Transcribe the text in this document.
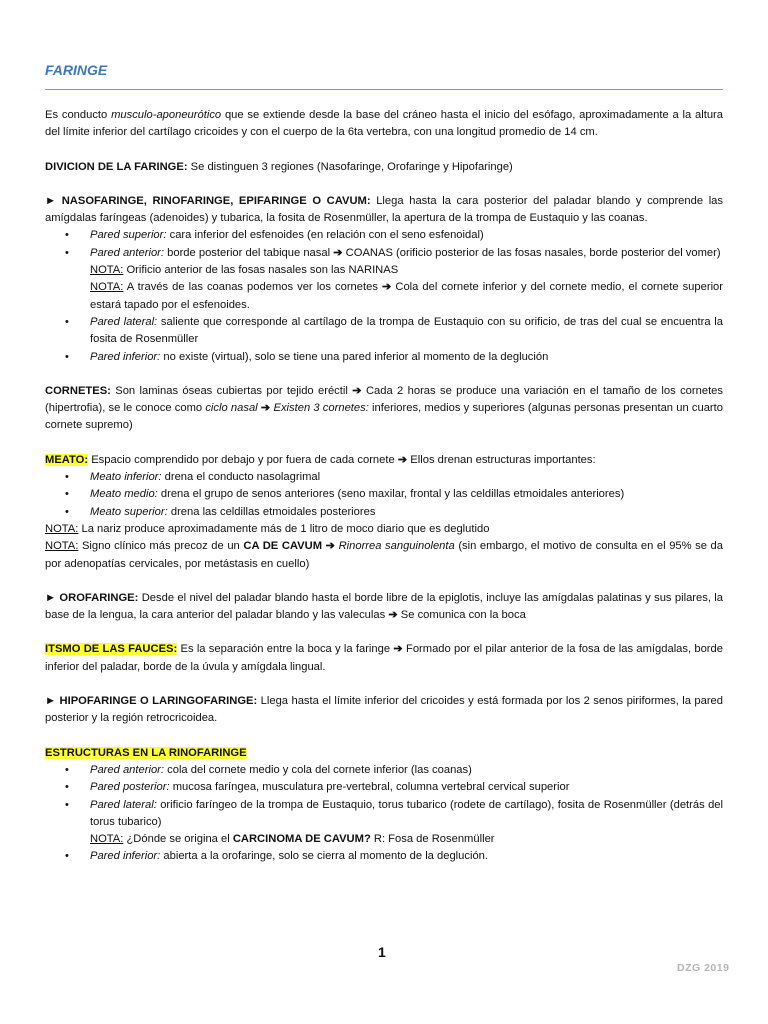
FARINGE

Es conducto musculo-aponeurótico que se extiende desde la base del cráneo hasta el inicio del esófago, aproximadamente a la altura del límite inferior del cartílago cricoides y con el cuerpo de la 6ta vertebra, con una longitud promedio de 14 cm.

DIVICION DE LA FARINGE: Se distinguen 3 regiones (Nasofaringe, Orofaringe y Hipofaringe)

► NASOFARINGE, RINOFARINGE, EPIFARINGE O CAVUM: Llega hasta la cara posterior del paladar blando y comprende las amígdalas faríngeas (adenoides) y tubarica, la fosita de Rosenmüller, la apertura de la trompa de Eustaquio y las coanas.

• Pared superior: cara inferior del esfenoides (en relación con el seno esfenoidal)
• Pared anterior: borde posterior del tabique nasal ➔ COANAS (orificio posterior de las fosas nasales, borde posterior del vomer)
NOTA: Orificio anterior de las fosas nasales son las NARINAS
NOTA: A través de las coanas podemos ver los cornetes ➔ Cola del cornete inferior y del cornete medio, el cornete superior estará tapado por el esfenoides.
• Pared lateral: saliente que corresponde al cartílago de la trompa de Eustaquio con su orificio, de tras del cual se encuentra la fosita de Rosenmüller
• Pared inferior: no existe (virtual), solo se tiene una pared inferior al momento de la deglución

CORNETES: Son laminas óseas cubiertas por tejido eréctil ➔ Cada 2 horas se produce una variación en el tamaño de los cornetes (hipertrofia), se le conoce como ciclo nasal ➔ Existen 3 cornetes: inferiores, medios y superiores (algunas personas presentan un cuarto cornete supremo)

MEATO: Espacio comprendido por debajo y por fuera de cada cornete ➔ Ellos drenan estructuras importantes:

• Meato inferior: drena el conducto nasolagrimal
• Meato medio: drena el grupo de senos anteriores (seno maxilar, frontal y las celdillas etmoidales anteriores)
• Meato superior: drena las celdillas etmoidales posteriores

NOTA: La nariz produce aproximadamente más de 1 litro de moco diario que es deglutido

NOTA: Signo clínico más precoz de un CA DE CAVUM ➔ Rinorrea sanguinolenta (sin embargo, el motivo de consulta en el 95% se da por adenopatías cervicales, por metástasis en cuello)

► OROFARINGE: Desde el nivel del paladar blando hasta el borde libre de la epiglotis, incluye las amígdalas palatinas y sus pilares, la base de la lengua, la cara anterior del paladar blando y las valeculas ➔ Se comunica con la boca

ITSMO DE LAS FAUCES: Es la separación entre la boca y la faringe ➔ Formado por el pilar anterior de la fosa de las amígdalas, borde inferior del paladar, borde de la úvula y amígdala lingual.

► HIPOFARINGE O LARINGOFARINGE: Llega hasta el límite inferior del cricoides y está formada por los 2 senos piriformes, la pared posterior y la región retrocricoidea.

ESTRUCTURAS EN LA RINOFARINGE

• Pared anterior: cola del cornete medio y cola del cornete inferior (las coanas)
• Pared posterior: mucosa faríngea, musculatura pre-vertebral, columna vertebral cervical superior
• Pared lateral: orificio faríngeo de la trompa de Eustaquio, torus tubarico (rodete de cartílago), fosita de Rosenmüller (detrás del torus tubarico)
NOTA: ¿Dónde se origina el CARCINOMA DE CAVUM? R: Fosa de Rosenmüller
• Pared inferior: abierta a la orofaringe, solo se cierra al momento de la deglución.
1
DZG 2019
